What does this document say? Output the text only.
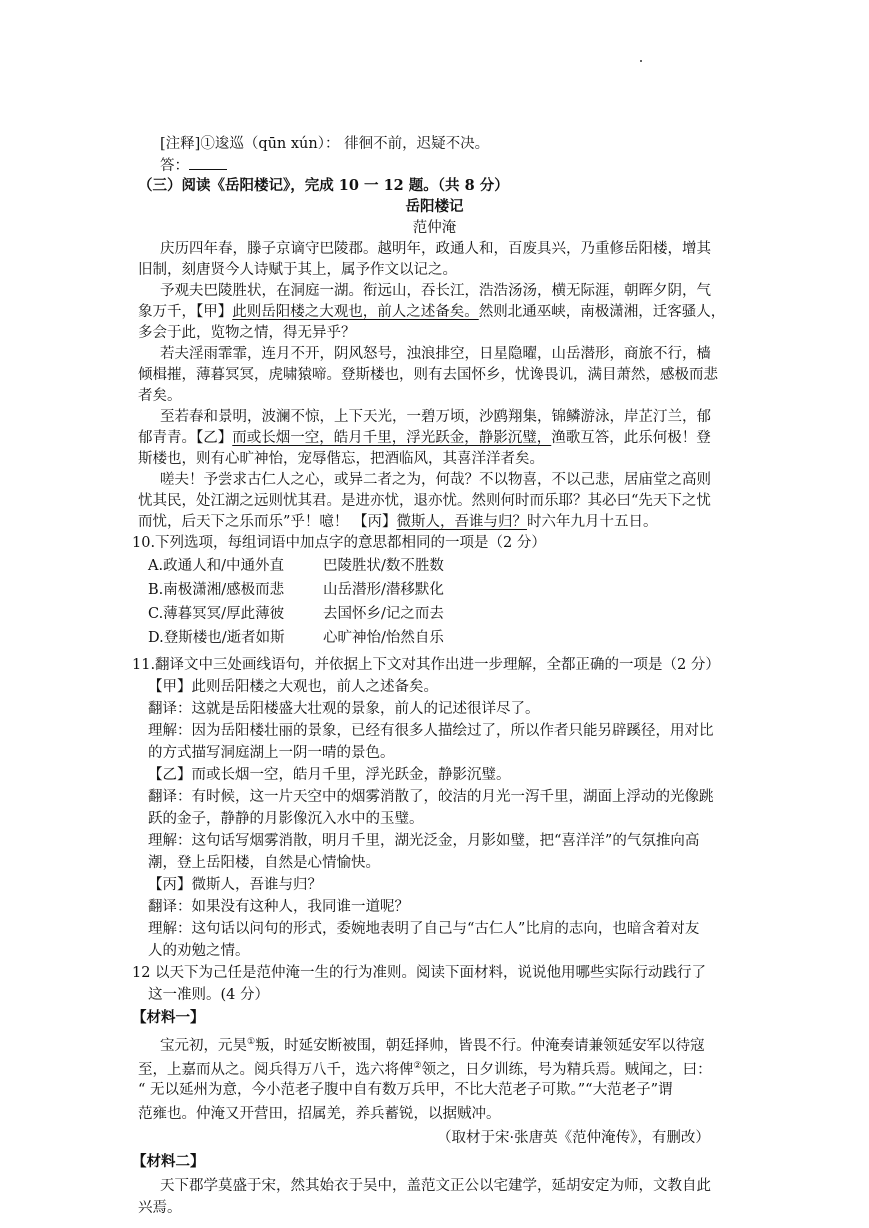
[注释]①逡巡（qūn xún）： 徘徊不前，迟疑不决。
答：
（三）阅读《岳阳楼记》，完成 10 一 12 题。（共 8 分）
岳阳楼记
范仲淹
庆历四年春，滕子京谪守巴陵郡。越明年，政通人和，百废具兴，乃重修岳阳楼，增其
旧制，刻唐贤今人诗赋于其上，属予作文以记之。
予观夫巴陵胜状，在洞庭一湖。衔远山，吞长江，浩浩汤汤，横无际涯，朝晖夕阴，气
象万千，【甲】此则岳阳楼之大观也，前人之述备矣。然则北通巫峡，南极潇湘，迁客骚人，
多会于此，览物之情，得无异乎？
若夫淫雨霏霏，连月不开，阴风怒号，浊浪排空，日星隐曜，山岳潜形，商旅不行，樯
倾楫摧，薄暮冥冥，虎啸猿啼。登斯楼也，则有去国怀乡，忧谗畏讥，满目萧然，感极而悲
者矣。
至若春和景明，波澜不惊，上下天光，一碧万顷，沙鸥翔集，锦鳞游泳，岸芷汀兰，郁
郁青青。【乙】而或长烟一空，皓月千里，浮光跃金，静影沉璧，渔歌互答，此乐何极！登
斯楼也，则有心旷神怡，宠辱偕忘，把酒临风，其喜洋洋者矣。
嗟夫！予尝求古仁人之心，或异二者之为，何哉？不以物喜，不以己悲，居庙堂之高则
忧其民，处江湖之远则忧其君。是进亦忧，退亦忧。然则何时而乐耶？其必曰“先天下之忧
而忧，后天下之乐而乐”乎！噫！ 【丙】微斯人，吾谁与归？时六年九月十五日。
10.下列选项，每组词语中加点字的意思都相同的一项是（2 分）
A.政通人和/中通外直	巴陵胜状/数不胜数
B.南极潇湘/感极而悲	山岳潜形/潜移默化
C.薄暮冥冥/厚此薄彼	去国怀乡/记之而去
D.登斯楼也/逝者如斯	心旷神怡/怡然自乐
11.翻译文中三处画线语句，并依据上下文对其作出进一步理解，全都正确的一项是（2 分）
【甲】此则岳阳楼之大观也，前人之述备矣。
翻译：这就是岳阳楼盛大壮观的景象，前人的记述很详尽了。
理解：因为岳阳楼壮丽的景象，已经有很多人描绘过了，所以作者只能另辟蹊径，用对比
的方式描写洞庭湖上一阴一晴的景色。
【乙】而或长烟一空，皓月千里，浮光跃金，静影沉璧。
翻译：有时候，这一片天空中的烟雾消散了，皎洁的月光一泻千里，湖面上浮动的光像跳
跃的金子，静静的月影像沉入水中的玉璧。
理解：这句话写烟雾消散，明月千里，湖光泛金，月影如璧，把“喜洋洋”的气氛推向高
潮，登上岳阳楼，自然是心情愉快。
【丙】微斯人，吾谁与归？
翻译：如果没有这种人，我同谁一道呢？
理解：这句话以问句的形式，委婉地表明了自己与“古仁人”比肩的志向，也暗含着对友
人的劝勉之情。
12 以天下为己任是范仲淹一生的行为准则。阅读下面材料，说说他用哪些实际行动践行了
这一准则。(4 分）
【材料一】
宝元初，元昊①叛，时延安断被围，朝廷择帅，皆畏不行。仲淹奏请兼领延安军以待寇
至，上嘉而从之。阅兵得万八千，选六将俾②领之，日夕训练，号为精兵焉。贼闻之，曰：
“ 无以延州为意，今小范老子腹中自有数万兵甲，不比大范老子可欺。”“大范老子”谓
范雍也。仲淹又开营田，招属羌，养兵蓄锐，以据贼冲。
（取材于宋·张唐英《范仲淹传》，有删改）
【材料二】
天下郡学莫盛于宋，然其始衣于吴中，盖范文正公以宅建学，延胡安定为师，文教自此
兴焉。
